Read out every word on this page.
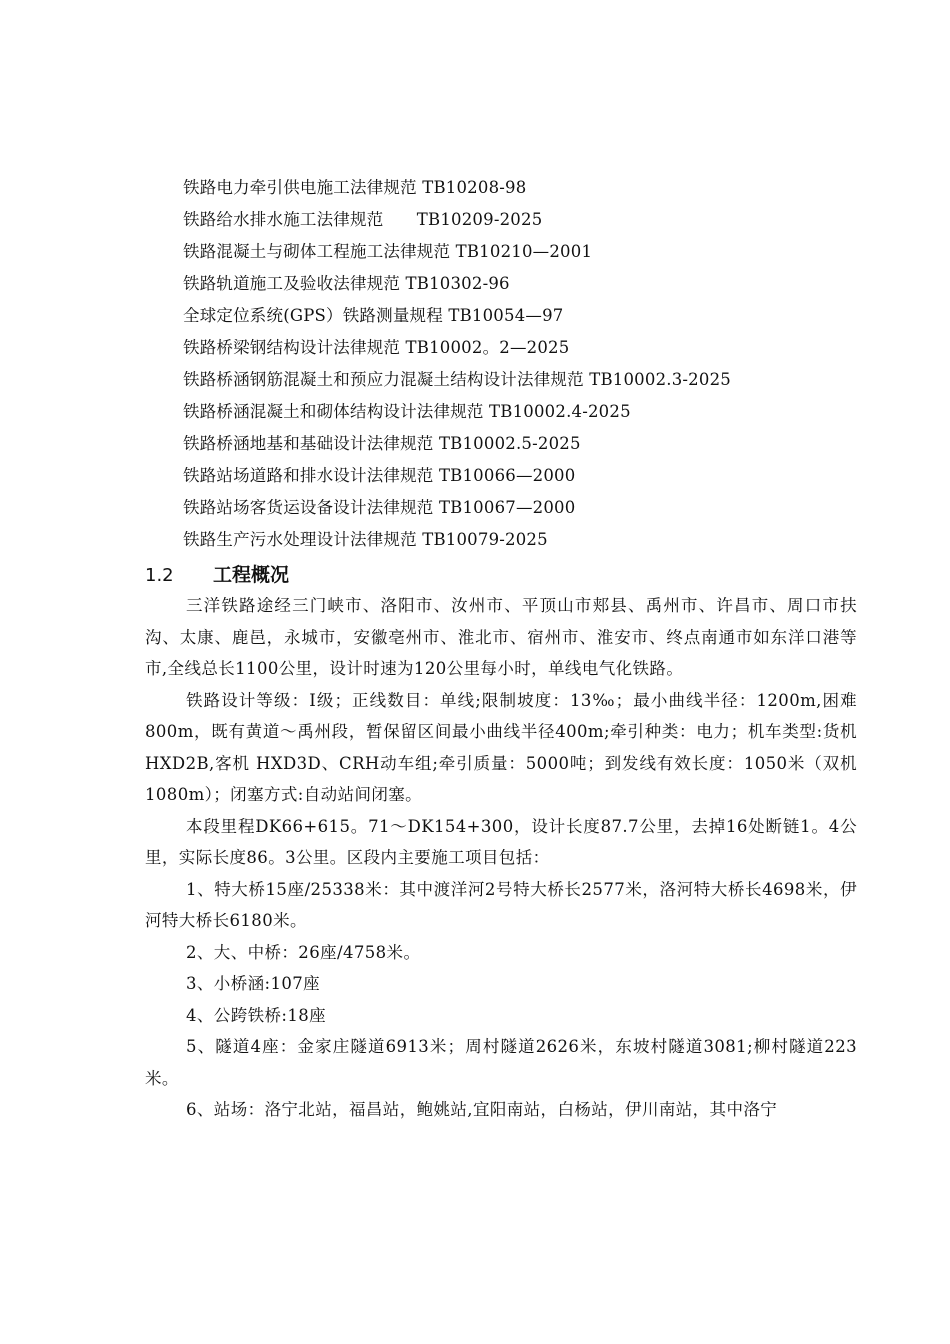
铁路电力牵引供电施工法律规范 TB10208-98
铁路给水排水施工法律规范　　TB10209-2025
铁路混凝土与砌体工程施工法律规范 TB10210—2001
铁路轨道施工及验收法律规范 TB10302-96
全球定位系统(GPS）铁路测量规程 TB10054—97
铁路桥梁钢结构设计法律规范 TB10002。2—2025
铁路桥涵钢筋混凝土和预应力混凝土结构设计法律规范 TB10002.3-2025
铁路桥涵混凝土和砌体结构设计法律规范 TB10002.4-2025
铁路桥涵地基和基础设计法律规范 TB10002.5-2025
铁路站场道路和排水设计法律规范 TB10066—2000
铁路站场客货运设备设计法律规范 TB10067—2000
铁路生产污水处理设计法律规范 TB10079-2025
1.2 工程概况

三洋铁路途经三门峡市、洛阳市、汝州市、平顶山市郏县、禹州市、许昌市、周口市扶沟、太康、鹿邑，永城市，安徽亳州市、淮北市、宿州市、淮安市、终点南通市如东洋口港等市,全线总长1100公里，设计时速为120公里每小时，单线电气化铁路。

铁路设计等级：I级；正线数目：单线;限制坡度：13‰；最小曲线半径：1200m,困难800m，既有黄道～禹州段，暂保留区间最小曲线半径400m;牵引种类：电力；机车类型:货机 HXD2B,客机 HXD3D、CRH动车组;牵引质量：5000吨；到发线有效长度：1050米（双机1080m）；闭塞方式:自动站间闭塞。

本段里程DK66+615。71～DK154+300，设计长度87.7公里，去掉16处断链1。4公里，实际长度86。3公里。区段内主要施工项目包括：

1、特大桥15座/25338米：其中渡洋河2号特大桥长2577米，洛河特大桥长4698米，伊河特大桥长6180米。

2、大、中桥：26座/4758米。

3、小桥涵:107座

4、公跨铁桥:18座

5、隧道4座：金家庄隧道6913米；周村隧道2626米，东坡村隧道3081;柳村隧道223米。

6、站场：洛宁北站，福昌站，鲍姚站,宜阳南站，白杨站，伊川南站，其中洛宁
